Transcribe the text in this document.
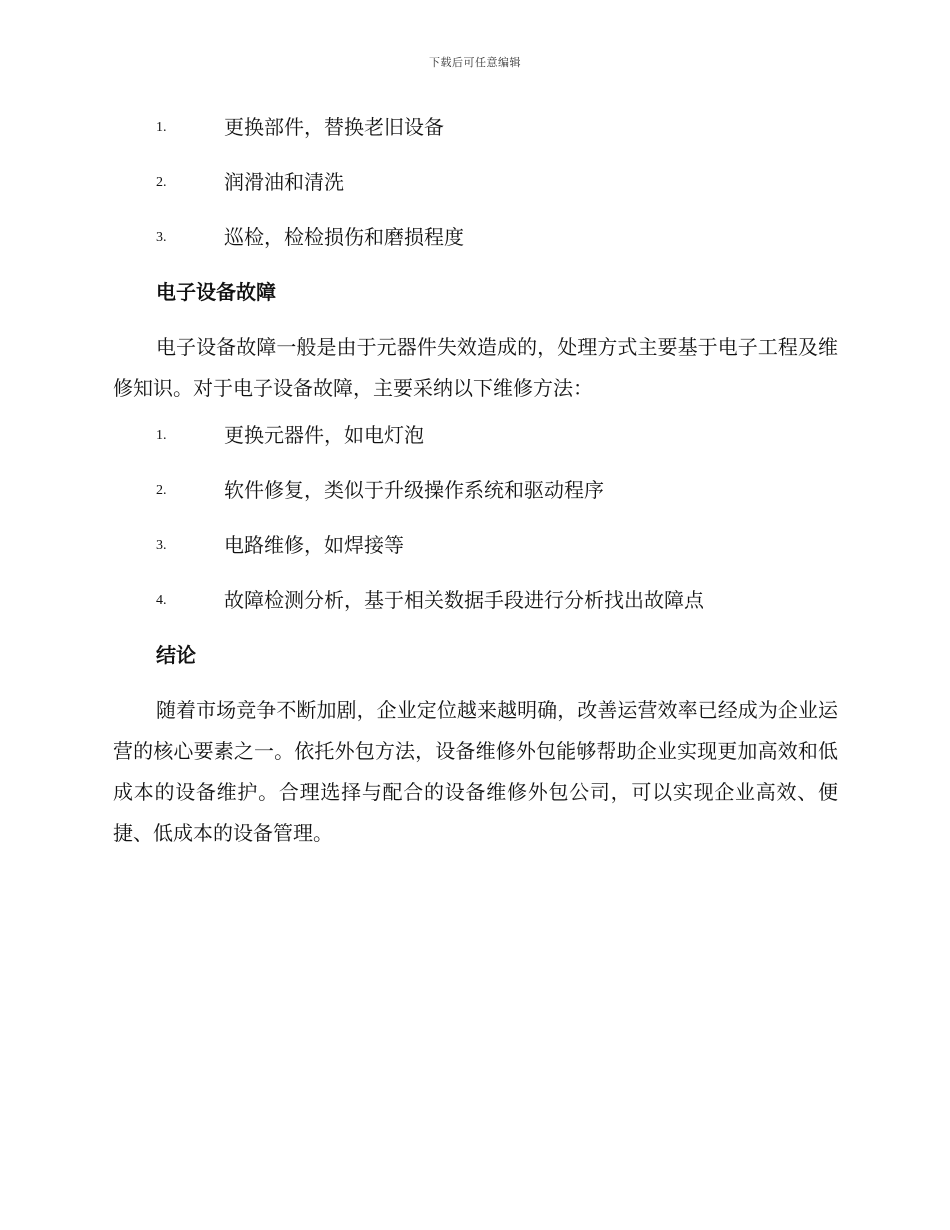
下载后可任意编辑
1.	更换部件，替换老旧设备
2.	润滑油和清洗
3.	巡检，检检损伤和磨损程度
电子设备故障

电子设备故障一般是由于元器件失效造成的，处理方式主要基于电子工程及维修知识。对于电子设备故障，主要采纳以下维修方法：

1.	更换元器件，如电灯泡
2.	软件修复，类似于升级操作系统和驱动程序
3.	电路维修，如焊接等
4.	故障检测分析，基于相关数据手段进行分析找出故障点
结论

随着市场竞争不断加剧，企业定位越来越明确，改善运营效率已经成为企业运营的核心要素之一。依托外包方法，设备维修外包能够帮助企业实现更加高效和低成本的设备维护。合理选择与配合的设备维修外包公司，可以实现企业高效、便捷、低成本的设备管理。
